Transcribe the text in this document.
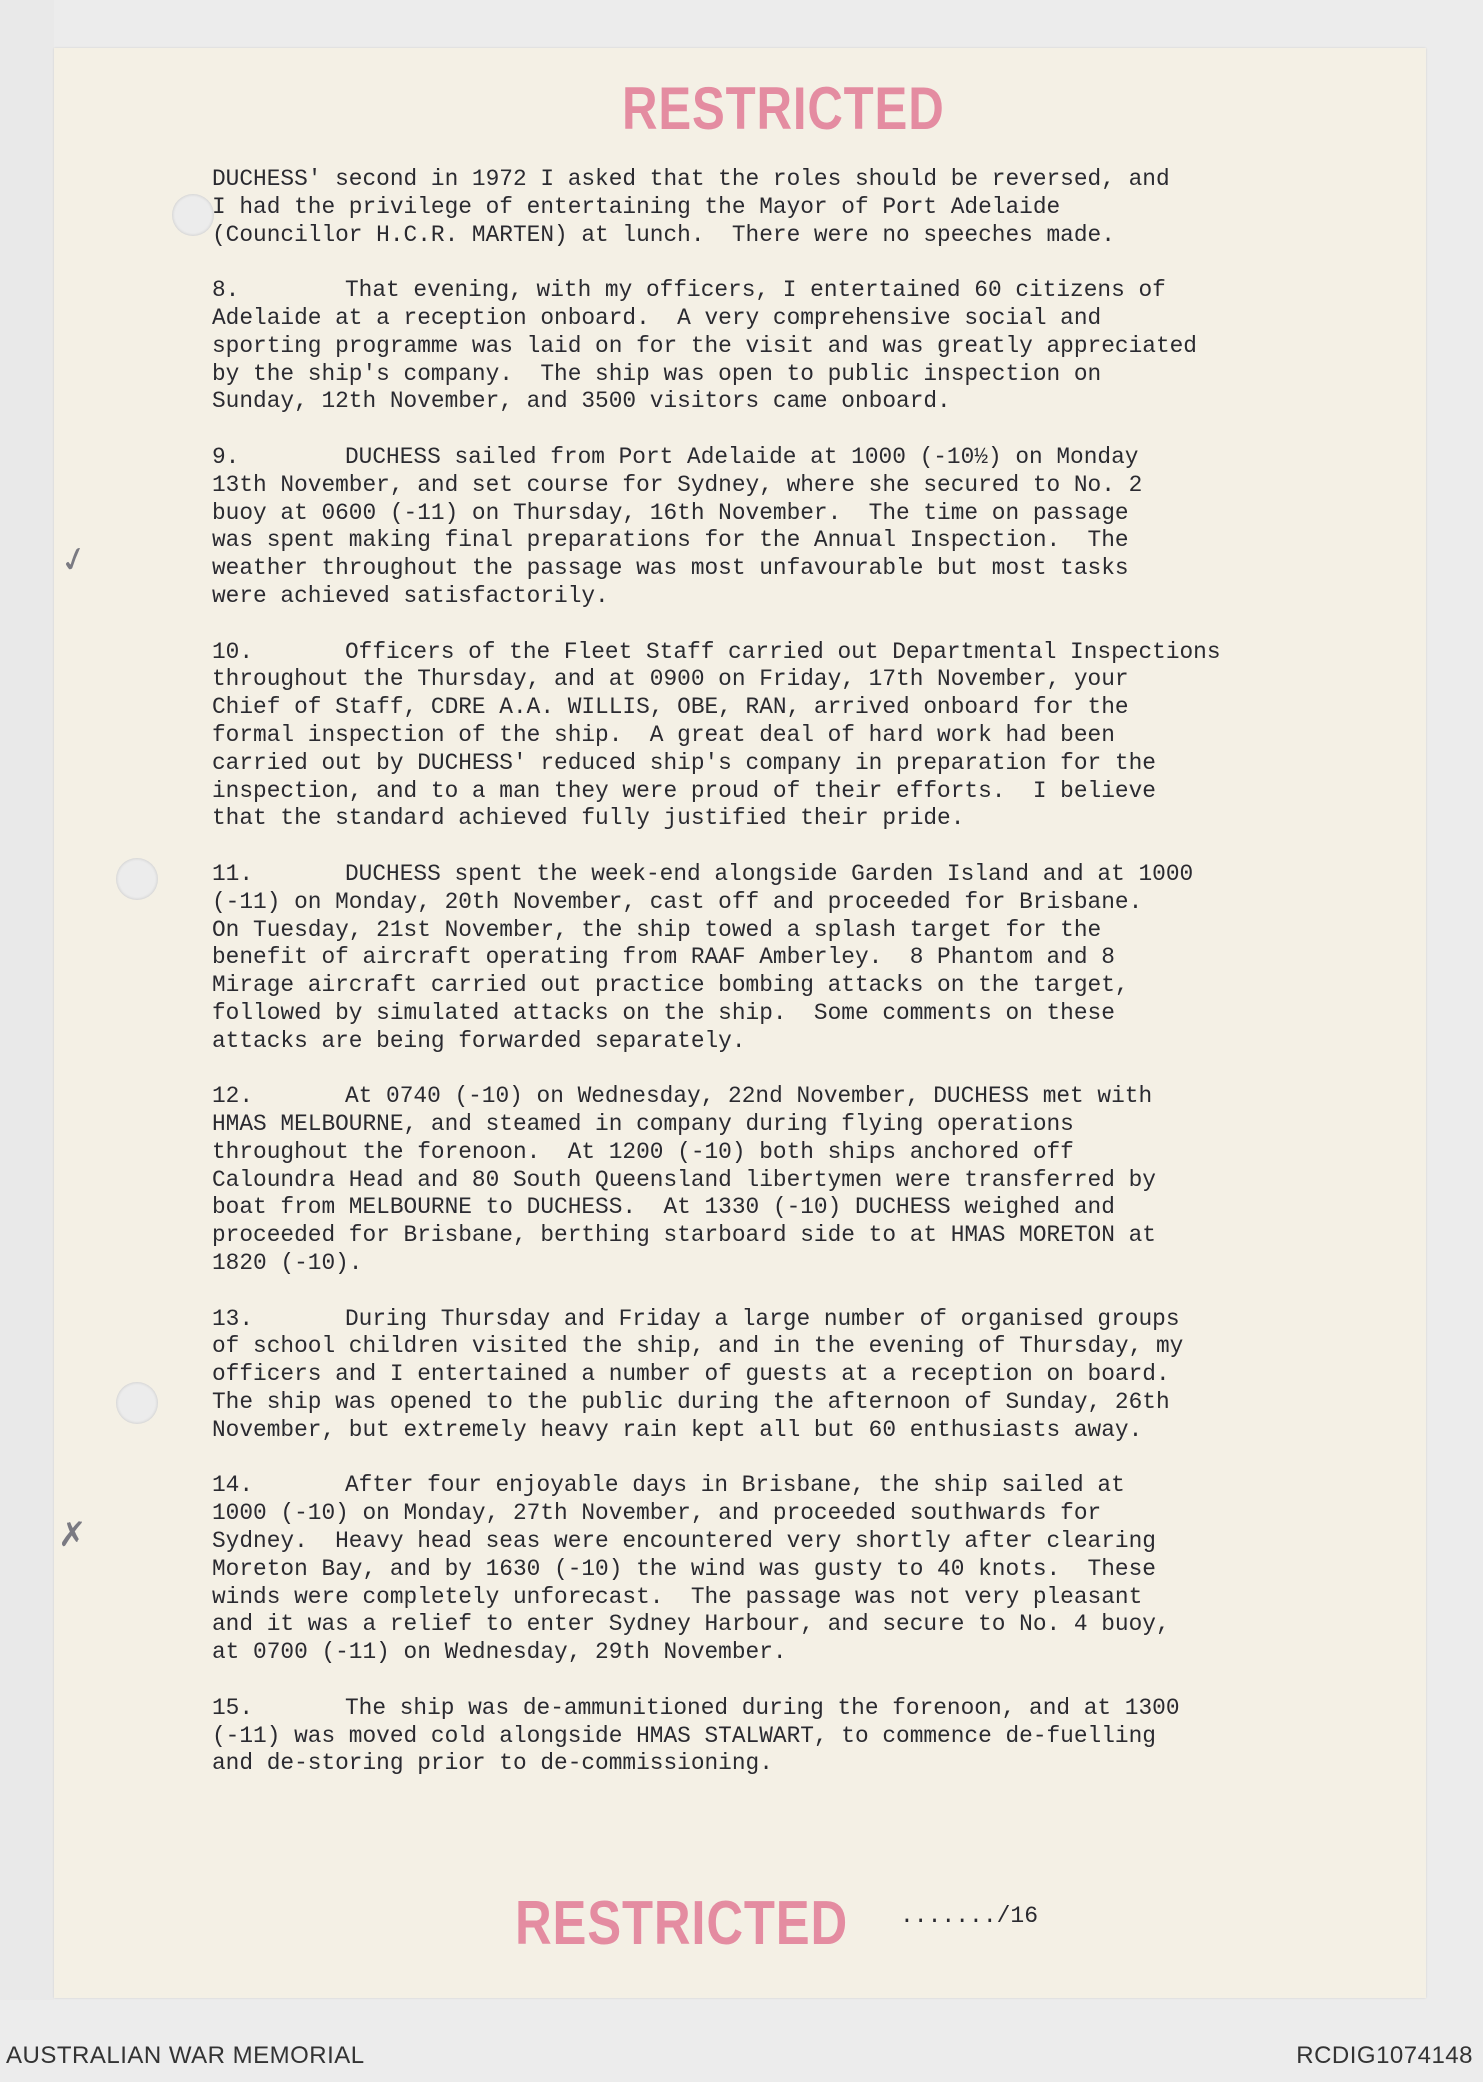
RESTRICTED
DUCHESS' second in 1972 I asked that the roles should be reversed, and
I had the privilege of entertaining the Mayor of Port Adelaide
(Councillor H.C.R. MARTEN) at lunch.  There were no speeches made.
8.	That evening, with my officers, I entertained 60 citizens of
Adelaide at a reception onboard.  A very comprehensive social and
sporting programme was laid on for the visit and was greatly appreciated
by the ship's company.  The ship was open to public inspection on
Sunday, 12th November, and 3500 visitors came onboard.
9.	DUCHESS sailed from Port Adelaide at 1000 (-10½) on Monday
13th November, and set course for Sydney, where she secured to No. 2
buoy at 0600 (-11) on Thursday, 16th November.  The time on passage
was spent making final preparations for the Annual Inspection.  The
weather throughout the passage was most unfavourable but most tasks
were achieved satisfactorily.
10.	Officers of the Fleet Staff carried out Departmental Inspections
throughout the Thursday, and at 0900 on Friday, 17th November, your
Chief of Staff, CDRE A.A. WILLIS, OBE, RAN, arrived onboard for the
formal inspection of the ship.  A great deal of hard work had been
carried out by DUCHESS' reduced ship's company in preparation for the
inspection, and to a man they were proud of their efforts.  I believe
that the standard achieved fully justified their pride.
11.	DUCHESS spent the week-end alongside Garden Island and at 1000
(-11) on Monday, 20th November, cast off and proceeded for Brisbane.
On Tuesday, 21st November, the ship towed a splash target for the
benefit of aircraft operating from RAAF Amberley.  8 Phantom and 8
Mirage aircraft carried out practice bombing attacks on the target,
followed by simulated attacks on the ship.  Some comments on these
attacks are being forwarded separately.
12.	At 0740 (-10) on Wednesday, 22nd November, DUCHESS met with
HMAS MELBOURNE, and steamed in company during flying operations
throughout the forenoon.  At 1200 (-10) both ships anchored off
Caloundra Head and 80 South Queensland libertymen were transferred by
boat from MELBOURNE to DUCHESS.  At 1330 (-10) DUCHESS weighed and
proceeded for Brisbane, berthing starboard side to at HMAS MORETON at
1820 (-10).
13.	During Thursday and Friday a large number of organised groups
of school children visited the ship, and in the evening of Thursday, my
officers and I entertained a number of guests at a reception on board.
The ship was opened to the public during the afternoon of Sunday, 26th
November, but extremely heavy rain kept all but 60 enthusiasts away.
14.	After four enjoyable days in Brisbane, the ship sailed at
1000 (-10) on Monday, 27th November, and proceeded southwards for
Sydney.  Heavy head seas were encountered very shortly after clearing
Moreton Bay, and by 1630 (-10) the wind was gusty to 40 knots.  These
winds were completely unforecast.  The passage was not very pleasant
and it was a relief to enter Sydney Harbour, and secure to No. 4 buoy,
at 0700 (-11) on Wednesday, 29th November.
15.	The ship was de-ammunitioned during the forenoon, and at 1300
(-11) was moved cold alongside HMAS STALWART, to commence de-fuelling
and de-storing prior to de-commissioning.
RESTRICTED ......./16
✓
✗
AUSTRALIAN WAR MEMORIAL	RCDIG1074148
